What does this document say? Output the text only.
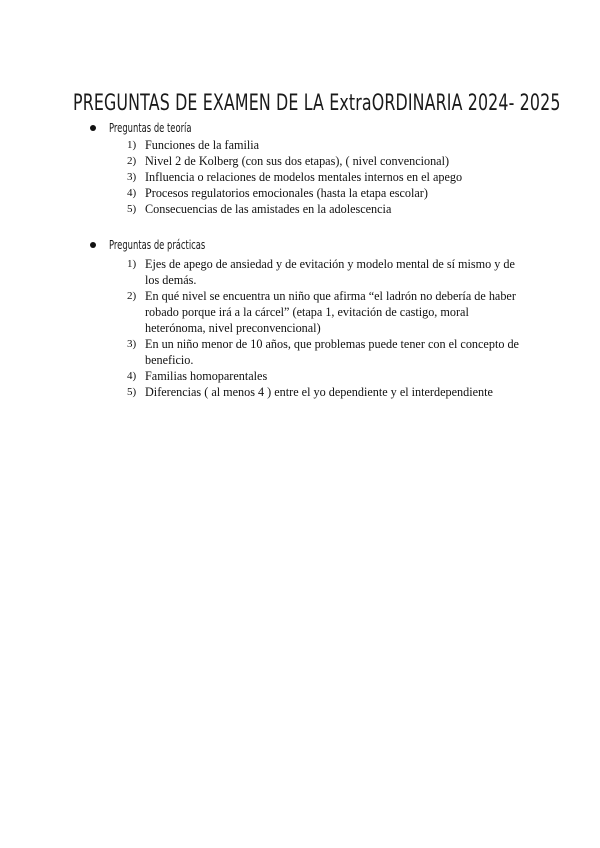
PREGUNTAS DE EXAMEN DE LA ExtraORDINARIA 2024- 2025
Preguntas de teoría
1) Funciones de la familia
2) Nivel 2 de Kolberg (con sus dos etapas), ( nivel convencional)
3) Influencia o relaciones de modelos mentales internos en el apego
4) Procesos regulatorios emocionales (hasta la etapa escolar)
5) Consecuencias de las amistades en la adolescencia
Preguntas de prácticas
1) Ejes de apego de ansiedad y de evitación y modelo mental de sí mismo y de los demás.
2) En qué nivel se encuentra un niño que afirma “el ladrón no debería de haber robado porque irá a la cárcel” (etapa 1, evitación de castigo, moral heterónoma, nivel preconvencional)
3) En un niño menor de 10 años, que problemas puede tener con el concepto de beneficio.
4) Familias homoparentales
5) Diferencias ( al menos 4 ) entre el yo dependiente y el interdependiente
